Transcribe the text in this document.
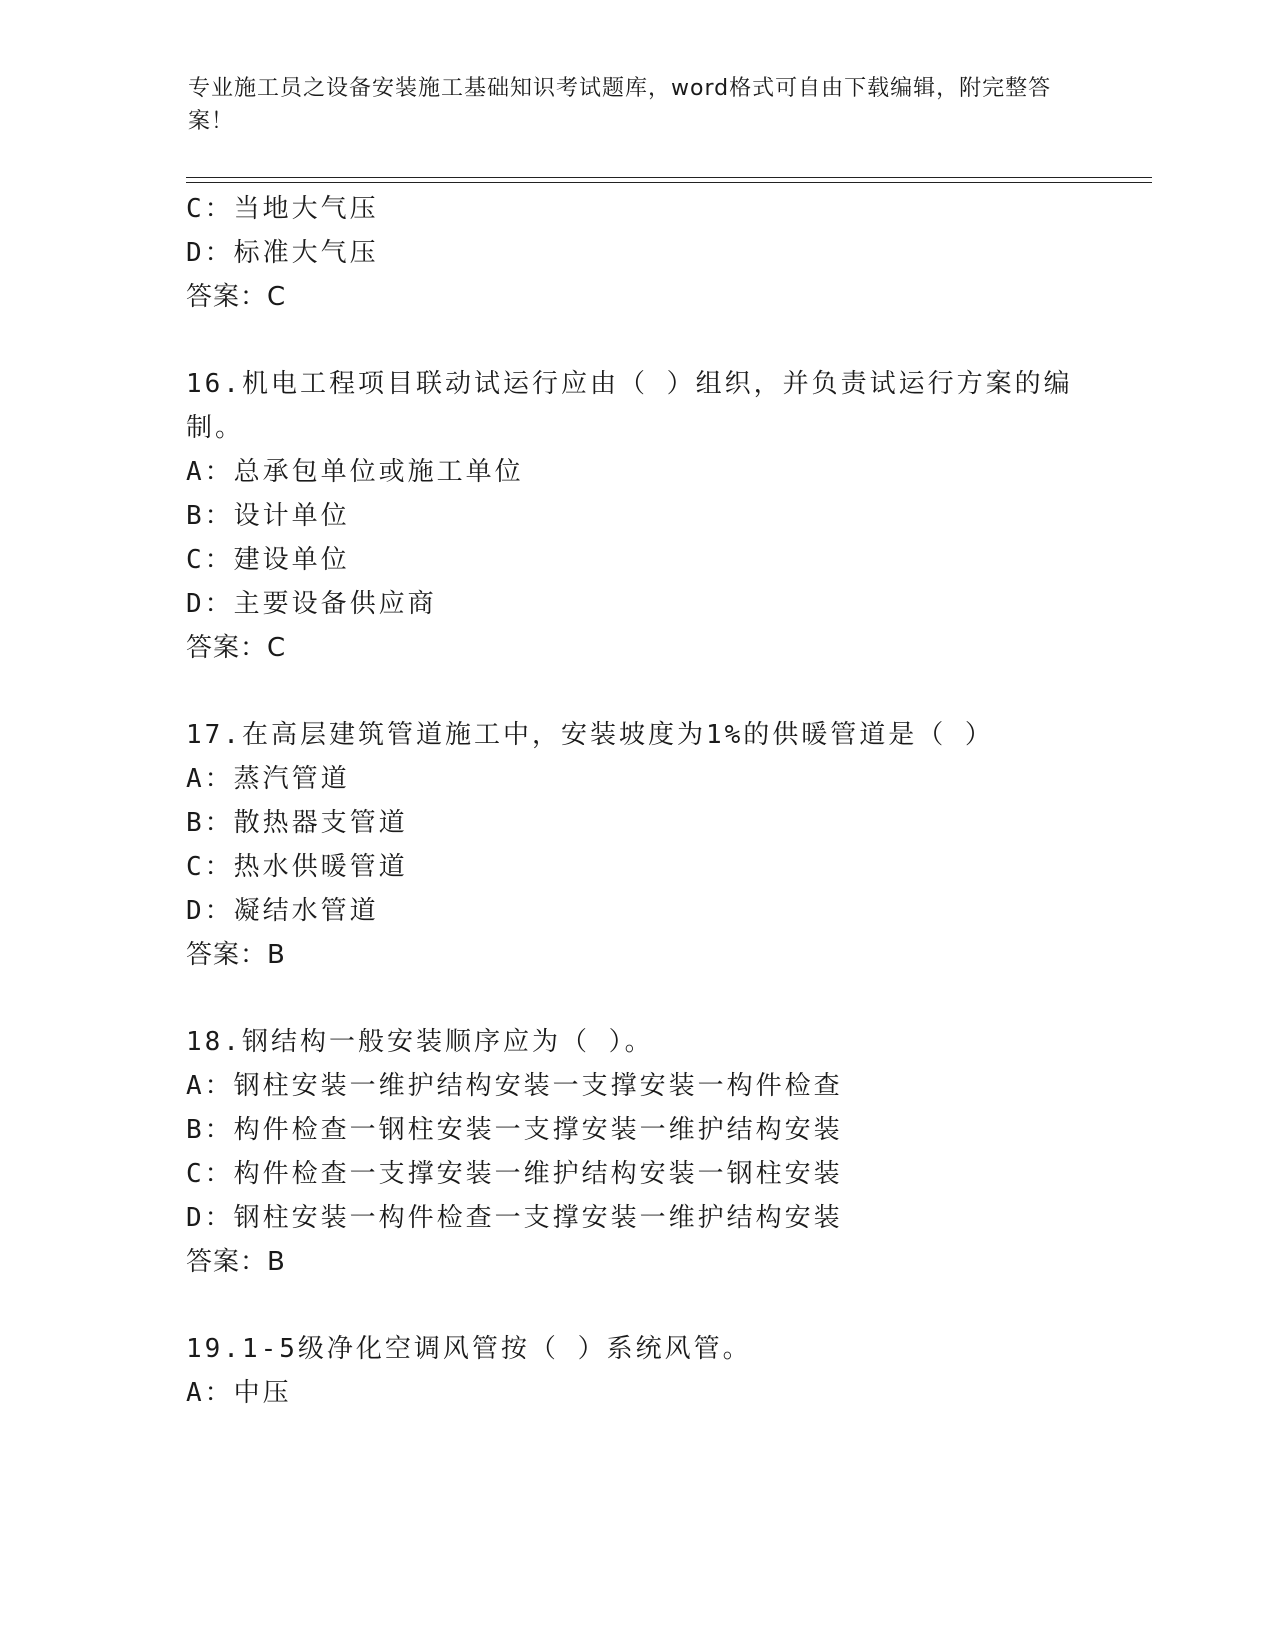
专业施工员之设备安装施工基础知识考试题库，word格式可自由下载编辑，附完整答案！
C：当地大气压
D：标准大气压
答案：C
16.机电工程项目联动试运行应由（ ）组织，并负责试运行方案的编
制。
A：总承包单位或施工单位
B：设计单位
C：建设单位
D：主要设备供应商
答案：C
17.在高层建筑管道施工中，安装坡度为1%的供暖管道是（ ）
A：蒸汽管道
B：散热器支管道
C：热水供暖管道
D：凝结水管道
答案：B
18.钢结构一般安装顺序应为（ ）。
A：钢柱安装一维护结构安装一支撑安装一构件检查
B：构件检查一钢柱安装一支撑安装一维护结构安装
C：构件检查一支撑安装一维护结构安装一钢柱安装
D：钢柱安装一构件检查一支撑安装一维护结构安装
答案：B
19.1-5级净化空调风管按（ ）系统风管。
A：中压
